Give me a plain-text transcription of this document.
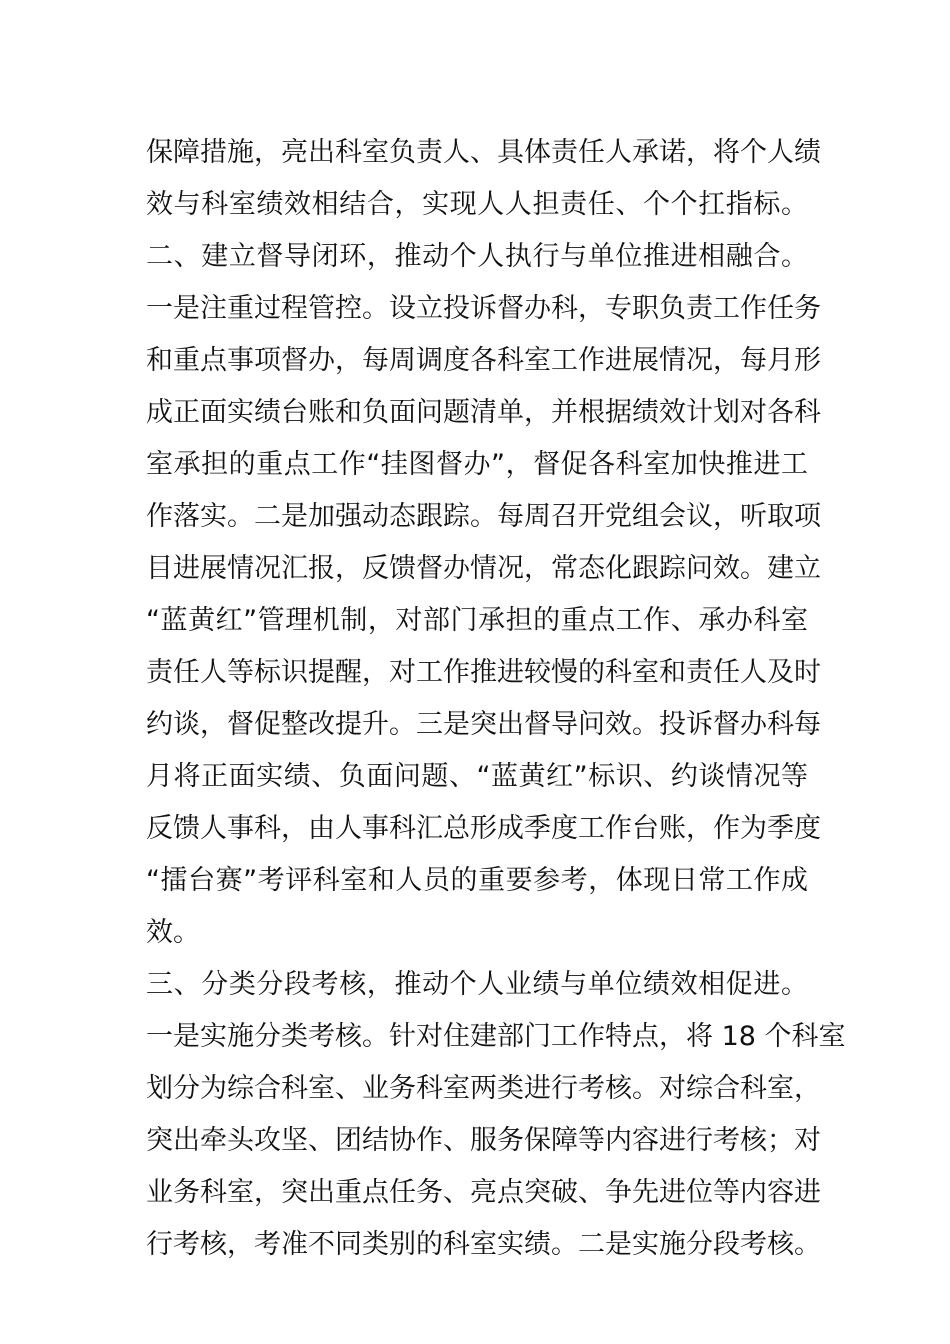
保障措施，亮出科室负责人、具体责任人承诺，将个人绩
效与科室绩效相结合，实现人人担责任、个个扛指标。
二、建立督导闭环，推动个人执行与单位推进相融合。
一是注重过程管控。设立投诉督办科，专职负责工作任务
和重点事项督办，每周调度各科室工作进展情况，每月形
成正面实绩台账和负面问题清单，并根据绩效计划对各科
室承担的重点工作“挂图督办”，督促各科室加快推进工
作落实。二是加强动态跟踪。每周召开党组会议，听取项
目进展情况汇报，反馈督办情况，常态化跟踪问效。建立
“蓝黄红”管理机制，对部门承担的重点工作、承办科室
责任人等标识提醒，对工作推进较慢的科室和责任人及时
约谈，督促整改提升。三是突出督导问效。投诉督办科每
月将正面实绩、负面问题、“蓝黄红”标识、约谈情况等
反馈人事科，由人事科汇总形成季度工作台账，作为季度
“擂台赛”考评科室和人员的重要参考，体现日常工作成
效。
三、分类分段考核，推动个人业绩与单位绩效相促进。
一是实施分类考核。针对住建部门工作特点，将 18 个科室
划分为综合科室、业务科室两类进行考核。对综合科室，
突出牵头攻坚、团结协作、服务保障等内容进行考核；对
业务科室，突出重点任务、亮点突破、争先进位等内容进
行考核，考准不同类别的科室实绩。二是实施分段考核。
